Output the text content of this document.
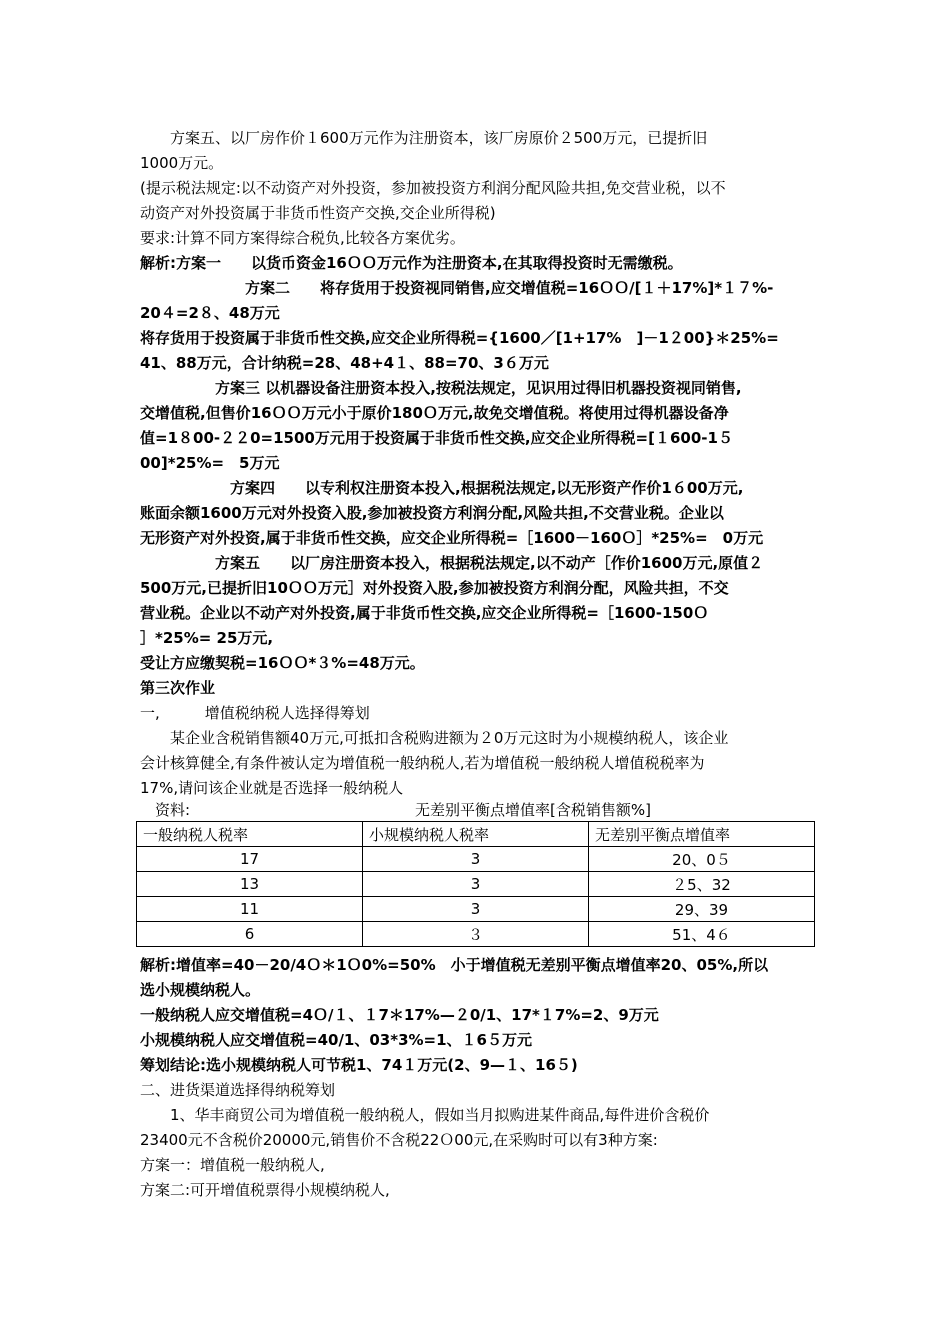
　　方案五、以厂房作价１600万元作为注册资本，该厂房原价２500万元，已提折旧
1000万元。
(提示税法规定:以不动资产对外投资，参加被投资方利润分配风险共担,免交营业税，以不
动资产对外投资属于非货币性资产交换,交企业所得税)
要求:计算不同方案得综合税负,比较各方案优劣。
解析:方案一　　以货币资金16ＯＯ万元作为注册资本,在其取得投资时无需缴税。
　　　　　　　方案二　　将存货用于投资视同销售,应交增值税=16ＯＯ/[１＋17%]*１７%-
20４=2８、48万元
将存货用于投资属于非货币性交换,应交企业所得税={1600／[1+17%　]－1２00}＊25%=
41、88万元，合计纳税=28、48+4１、88=70、3６万元
　　　　　方案三 以机器设备注册资本投入,按税法规定，见识用过得旧机器投资视同销售,
交增值税,但售价16ＯＯ万元小于原价180Ｏ万元,故免交增值税。将使用过得机器设备净
值=1８00-２２0=1500万元用于投资属于非货币性交换,应交企业所得税=[１600-1５
00]*25%=　5万元
　　　　　　方案四　　以专利权注册资本投入,根据税法规定,以无形资产作价1６00万元,
账面余额1600万元对外投资入股,参加被投资方利润分配,风险共担,不交营业税。企业以
无形资产对外投资,属于非货币性交换，应交企业所得税=［1600－160Ｏ］*25%=　0万元
　　　　　方案五　　以厂房注册资本投入，根据税法规定,以不动产［作价1600万元,原值２
500万元,已提折旧10ＯＯ万元］对外投资入股,参加被投资方利润分配，风险共担，不交
营业税。企业以不动产对外投资,属于非货币性交换,应交企业所得税=［1600-150Ｏ
］*25%= 25万元,
受让方应缴契税=16ＯＯ*３%=48万元。
第三次作业
一,　　　增值税纳税人选择得筹划
　　某企业含税销售额40万元,可抵扣含税购进额为２0万元这时为小规模纳税人，该企业
会计核算健全,有条件被认定为增值税一般纳税人,若为增值税一般纳税人增值税税率为
17%,请问该企业就是否选择一般纳税人
　资料:　　　　　　　　　　　　　　　无差别平衡点增值率[含税销售额%]
解析:增值率=40－20/4Ｏ＊1Ｏ0%=50%　小于增值税无差别平衡点增值率20、05%,所以
选小规模纳税人。
一般纳税人应交增值税=4Ｏ/１、１7＊17%—２0/1、17*１7%=2、9万元
小规模纳税人应交增值税=40/1、03*3%=1、１6５万元
筹划结论:选小规模纳税人可节税1、74１万元(2、9—１、16５)
二、进货渠道选择得纳税筹划
　　1、华丰商贸公司为增值税一般纳税人，假如当月拟购进某件商品,每件进价含税价
23400元不含税价20000元,销售价不含税22Ｏ00元,在采购时可以有3种方案:
方案一：增值税一般纳税人,
方案二:可开增值税票得小规模纳税人,
一般纳税人税率	小规模纳税人税率	无差别平衡点增值率
17	3	20、0５
13	3	２5、32
11	3	29、39
6	３	51、4６
